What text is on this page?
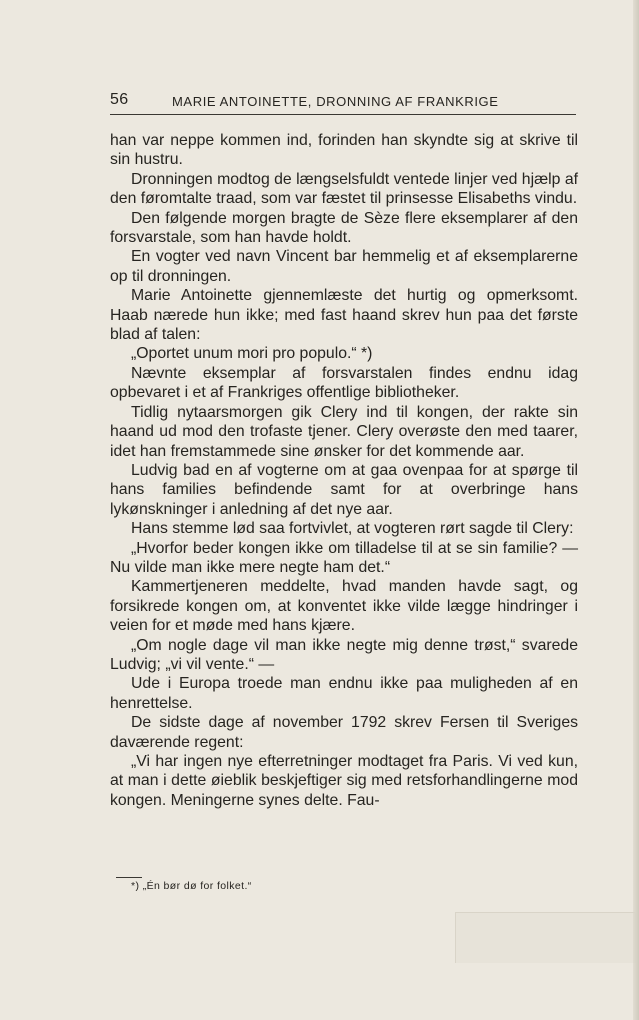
56	MARIE ANTOINETTE, DRONNING AF FRANKRIGE

han var neppe kommen ind, forinden han skyndte sig at skrive til sin hustru.

Dronningen modtog de længselsfuldt ventede linjer ved hjælp af den føromtalte traad, som var fæstet til prinsesse Elisabeths vindu.

Den følgende morgen bragte de Sèze flere eksemplarer af den forsvarstale, som han havde holdt.

En vogter ved navn Vincent bar hemmelig et af eksemplarerne op til dronningen.

Marie Antoinette gjennemlæste det hurtig og opmerksomt. Haab nærede hun ikke; med fast haand skrev hun paa det første blad af talen:

„Oportet unum mori pro populo.“ *)

Nævnte eksemplar af forsvarstalen findes endnu idag opbevaret i et af Frankriges offentlige bibliotheker.

Tidlig nytaarsmorgen gik Clery ind til kongen, der rakte sin haand ud mod den trofaste tjener. Clery overøste den med taarer, idet han fremstammede sine ønsker for det kommende aar.

Ludvig bad en af vogterne om at gaa ovenpaa for at spørge til hans families befindende samt for at overbringe hans lykønskninger i anledning af det nye aar.

Hans stemme lød saa fortvivlet, at vogteren rørt sagde til Clery:

„Hvorfor beder kongen ikke om tilladelse til at se sin familie? — Nu vilde man ikke mere negte ham det.“

Kammertjeneren meddelte, hvad manden havde sagt, og forsikrede kongen om, at konventet ikke vilde lægge hindringer i veien for et møde med hans kjære.

„Om nogle dage vil man ikke negte mig denne trøst,“ svarede Ludvig; „vi vil vente.“ —

Ude i Europa troede man endnu ikke paa muligheden af en henrettelse.

De sidste dage af november 1792 skrev Fersen til Sveriges daværende regent:

„Vi har ingen nye efterretninger modtaget fra Paris. Vi ved kun, at man i dette øieblik beskjeftiger sig med retsforhandlingerne mod kongen. Meningerne synes delte. Fau-

*) „Én bør dø for folket.“
